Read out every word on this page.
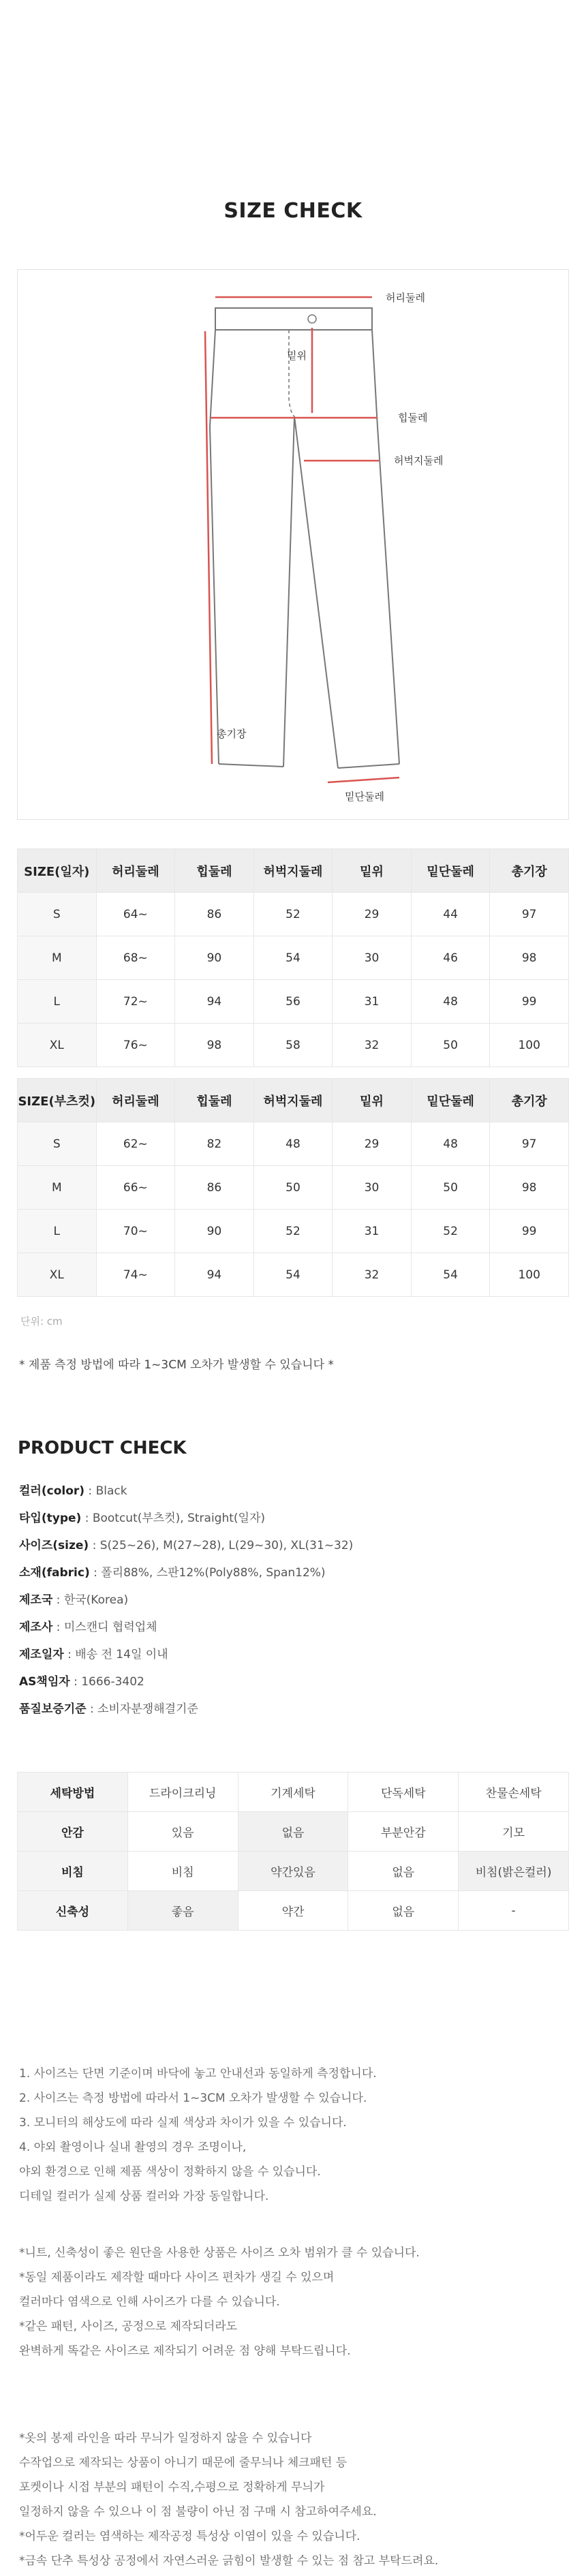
SIZE CHECK
허리둘레
밑위
힙둘레
허벅지둘레
총기장
밑단둘레
SIZE(일자)	허리둘레	힙둘레	허벅지둘레	밑위	밑단둘레	총기장
S	64~	86	52	29	44	97
M	68~	90	54	30	46	98
L	72~	94	56	31	48	99
XL	76~	98	58	32	50	100
SIZE(부츠컷)	허리둘레	힙둘레	허벅지둘레	밑위	밑단둘레	총기장
S	62~	82	48	29	48	97
M	66~	86	50	30	50	98
L	70~	90	52	31	52	99
XL	74~	94	54	32	54	100
단위: cm
* 제품 측정 방법에 따라 1~3CM 오차가 발생할 수 있습니다 *
PRODUCT CHECK
컬러(color) : Black
타입(type) : Bootcut(부츠컷), Straight(일자)
사이즈(size) : S(25~26), M(27~28), L(29~30), XL(31~32)
소재(fabric) : 폴리88%, 스판12%(Poly88%, Span12%)
제조국 : 한국(Korea)
제조사 : 미스캔디 협력업체
제조일자 : 배송 전 14일 이내
AS책임자 : 1666-3402
품질보증기준 : 소비자분쟁해결기준
세탁방법	드라이크리닝	기계세탁	단독세탁	찬물손세탁
안감	있음	없음	부분안감	기모
비침	비침	약간있음	없음	비침(밝은컬러)
신축성	좋음	약간	없음	-
1. 사이즈는 단면 기준이며 바닥에 놓고 안내선과 동일하게 측정합니다.
2. 사이즈는 측정 방법에 따라서 1~3CM 오차가 발생할 수 있습니다.
3. 모니터의 해상도에 따라 실제 색상과 차이가 있을 수 있습니다.
4. 야외 촬영이나 실내 촬영의 경우 조명이나,
야외 환경으로 인해 제품 색상이 정확하지 않을 수 있습니다.
디테일 컬러가 실제 상품 컬러와 가장 동일합니다.
*니트, 신축성이 좋은 원단을 사용한 상품은 사이즈 오차 범위가 클 수 있습니다.
*동일 제품이라도 제작할 때마다 사이즈 편차가 생길 수 있으며
컬러마다 염색으로 인해 사이즈가 다를 수 있습니다.
*같은 패턴, 사이즈, 공정으로 제작되더라도
완벽하게 똑같은 사이즈로 제작되기 어려운 점 양해 부탁드립니다.
*옷의 봉제 라인을 따라 무늬가 일정하지 않을 수 있습니다
수작업으로 제작되는 상품이 아니기 때문에 줄무늬나 체크패턴 등
포켓이나 시접 부분의 패턴이 수직,수평으로 정확하게 무늬가
일정하지 않을 수 있으나 이 점 불량이 아닌 점 구매 시 참고하여주세요.
*어두운 컬러는 염색하는 제작공정 특성상 이염이 있을 수 있습니다.
*금속 단추 특성상 공정에서 자연스러운 긁힘이 발생할 수 있는 점 참고 부탁드려요.
